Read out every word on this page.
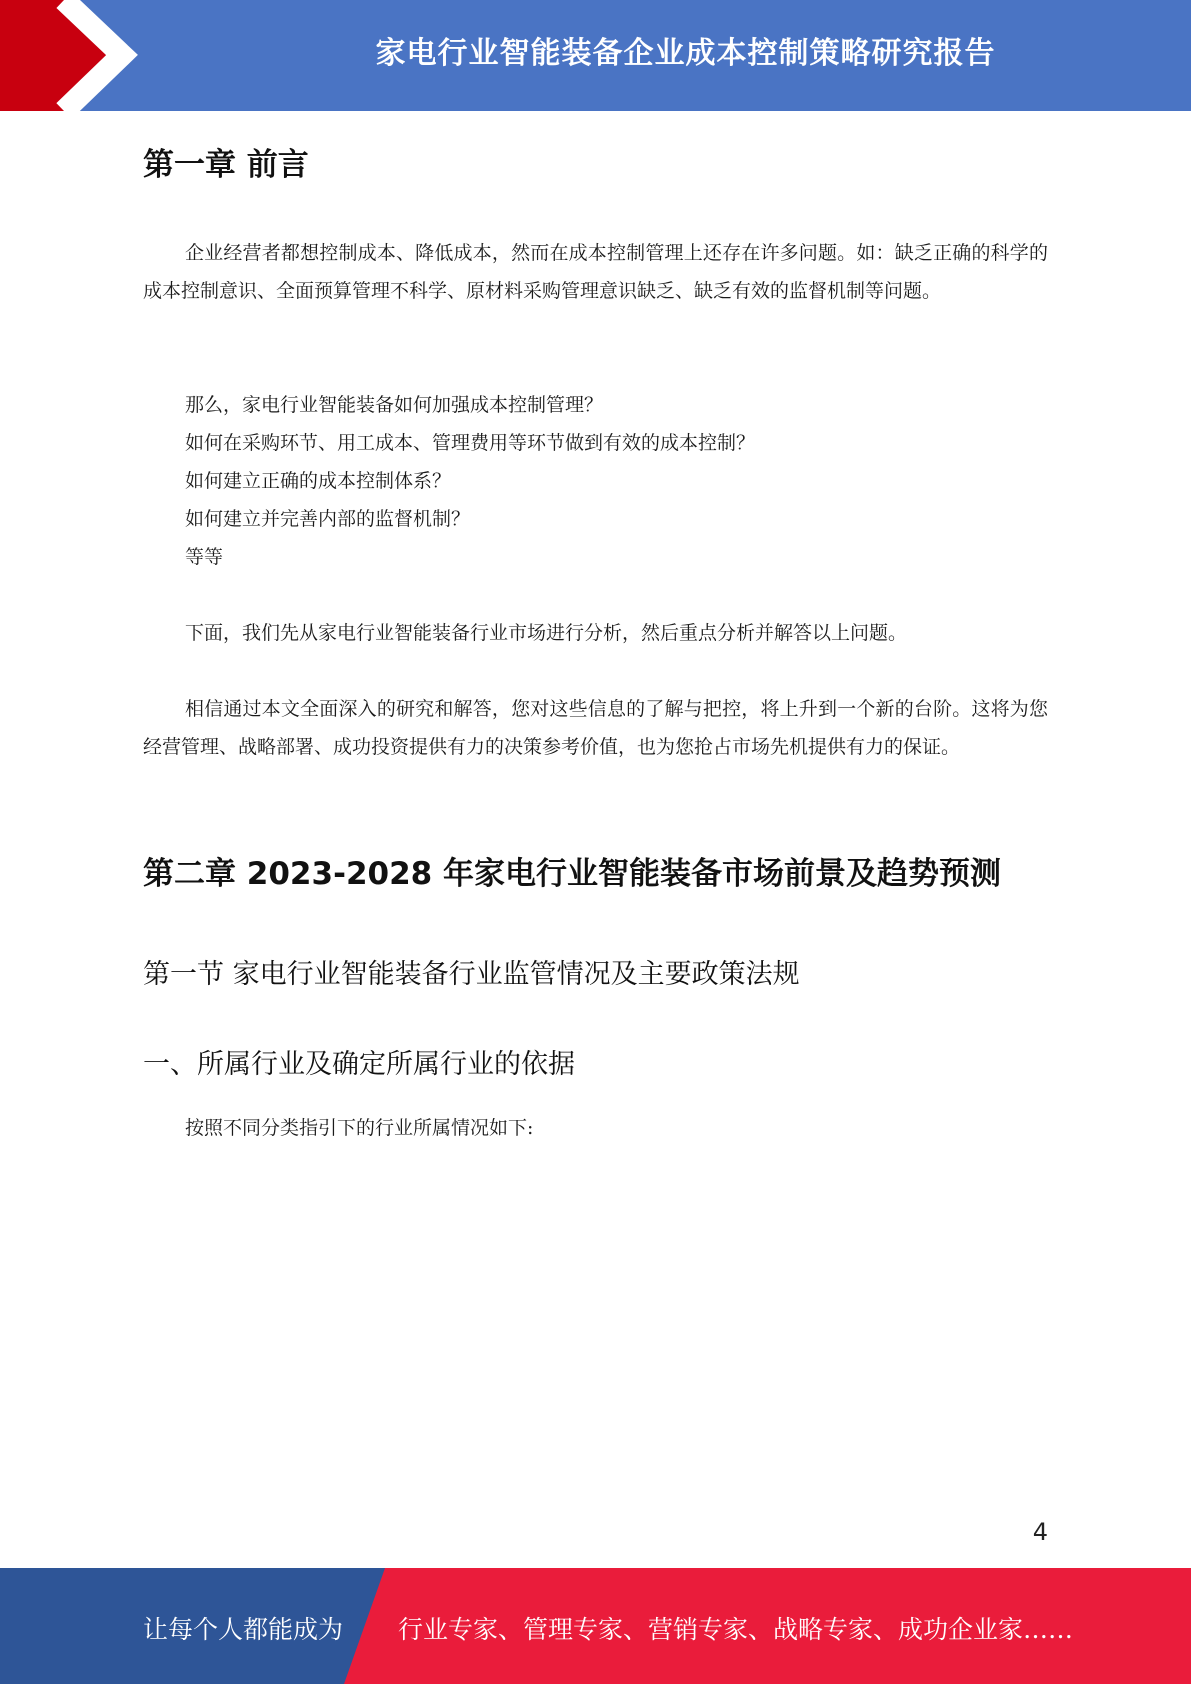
家电行业智能装备企业成本控制策略研究报告
第一章 前言

企业经营者都想控制成本、降低成本，然而在成本控制管理上还存在许多问题。如：缺乏正确的科学的成本控制意识、全面预算管理不科学、原材料采购管理意识缺乏、缺乏有效的监督机制等问题。

那么，家电行业智能装备如何加强成本控制管理？
如何在采购环节、用工成本、管理费用等环节做到有效的成本控制？
如何建立正确的成本控制体系？
如何建立并完善内部的监督机制？
等等

下面，我们先从家电行业智能装备行业市场进行分析，然后重点分析并解答以上问题。

相信通过本文全面深入的研究和解答，您对这些信息的了解与把控，将上升到一个新的台阶。这将为您经营管理、战略部署、成功投资提供有力的决策参考价值，也为您抢占市场先机提供有力的保证。

第二章 2023-2028 年家电行业智能装备市场前景及趋势预测
第一节 家电行业智能装备行业监管情况及主要政策法规
一、所属行业及确定所属行业的依据

按照不同分类指引下的行业所属情况如下:

4
让每个人都能成为 行业专家、管理专家、营销专家、战略专家、成功企业家……
